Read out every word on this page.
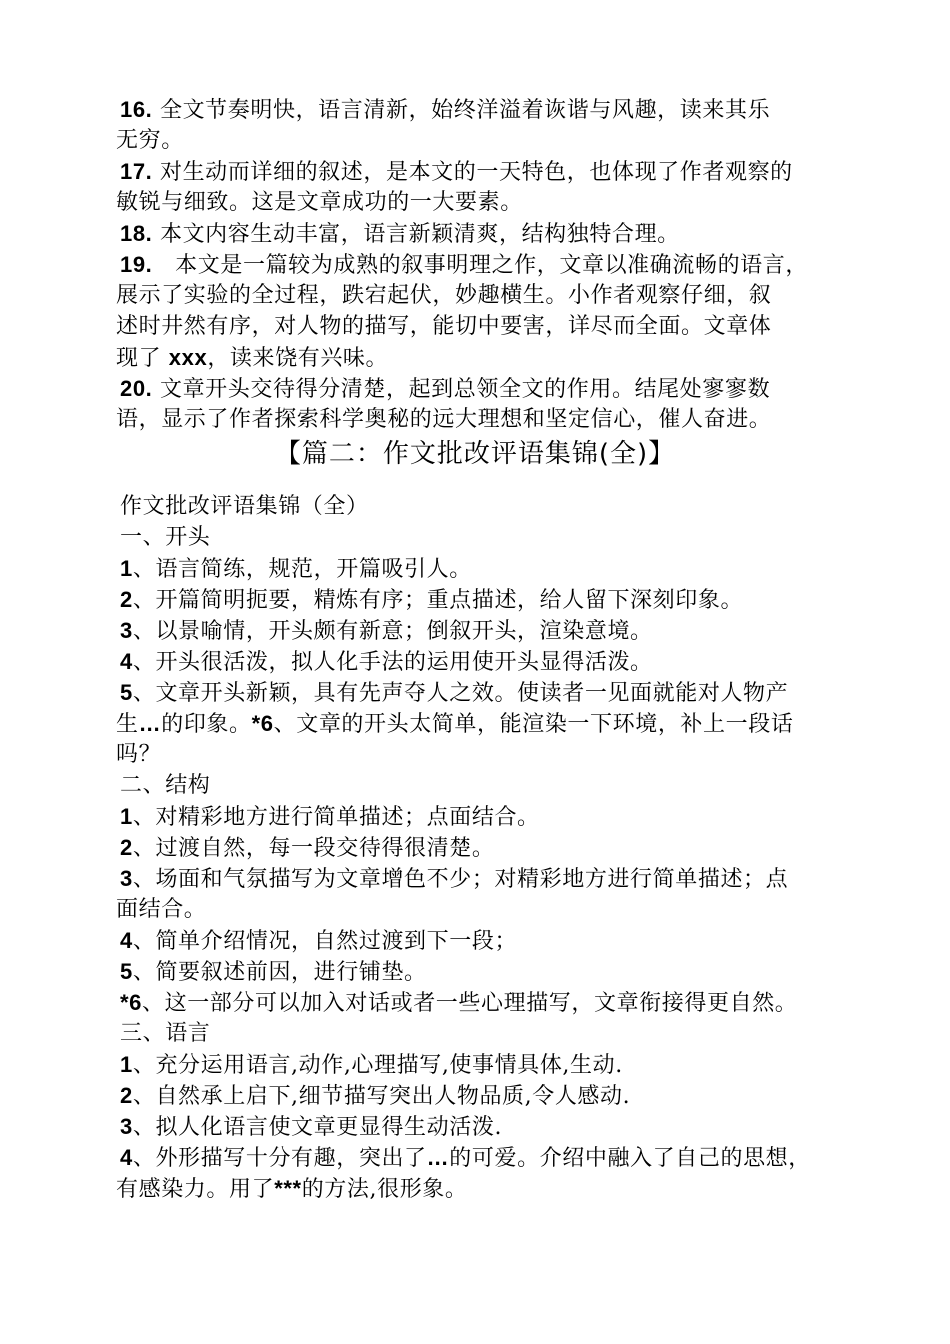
16. 全文节奏明快，语言清新，始终洋溢着诙谐与风趣，读来其乐
无穷。
17. 对生动而详细的叙述，是本文的一天特色，也体现了作者观察的
敏锐与细致。这是文章成功的一大要素。
18. 本文内容生动丰富，语言新颖清爽，结构独特合理。
19. 本文是一篇较为成熟的叙事明理之作，文章以准确流畅的语言，
展示了实验的全过程，跌宕起伏，妙趣横生。小作者观察仔细，叙
述时井然有序，对人物的描写，能切中要害，详尽而全面。文章体
现了 xxx，读来饶有兴味。
20. 文章开头交待得分清楚，起到总领全文的作用。结尾处寥寥数
语，显示了作者探索科学奥秘的远大理想和坚定信心，催人奋进。
【篇二：作文批改评语集锦(全)】
作文批改评语集锦（全）
一、开头
1、语言简练，规范，开篇吸引人。
2、开篇简明扼要，精炼有序；重点描述，给人留下深刻印象。
3、以景喻情，开头颇有新意；倒叙开头，渲染意境。
4、开头很活泼，拟人化手法的运用使开头显得活泼。
5、文章开头新颖，具有先声夺人之效。使读者一见面就能对人物产
生…的印象。*6、文章的开头太简单，能渲染一下环境，补上一段话
吗？
二、结构
1、对精彩地方进行简单描述；点面结合。
2、过渡自然，每一段交待得很清楚。
3、场面和气氛描写为文章增色不少；对精彩地方进行简单描述；点
面结合。
4、简单介绍情况，自然过渡到下一段；
5、简要叙述前因，进行铺垫。
*6、这一部分可以加入对话或者一些心理描写，文章衔接得更自然。
三、语言
1、充分运用语言,动作,心理描写,使事情具体,生动.
2、自然承上启下,细节描写突出人物品质,令人感动.
3、拟人化语言使文章更显得生动活泼.
4、外形描写十分有趣，突出了…的可爱。介绍中融入了自己的思想，
有感染力。用了***的方法,很形象。
